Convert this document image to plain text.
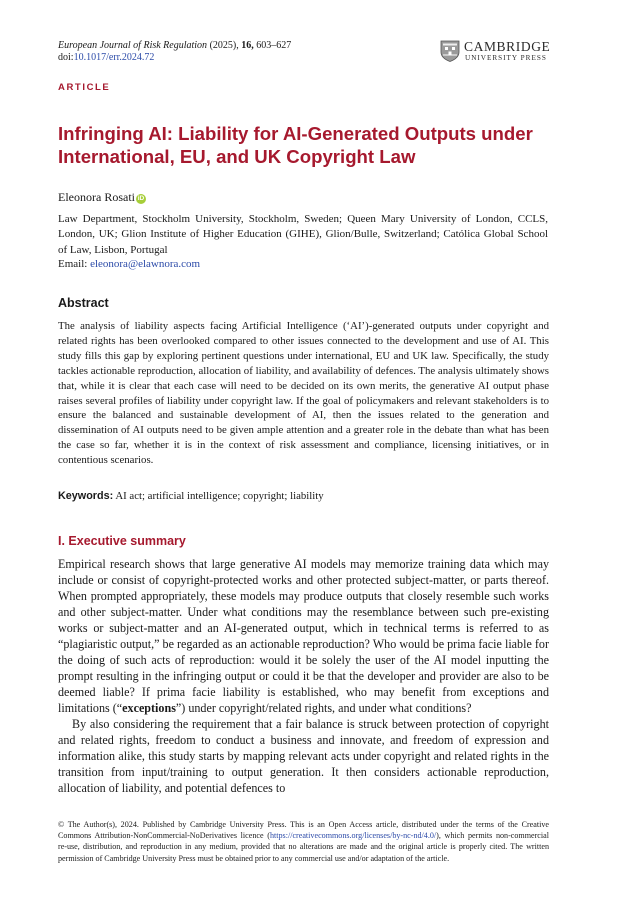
European Journal of Risk Regulation (2025), 16, 603–627
doi:10.1017/err.2024.72
CAMBRIDGE
UNIVERSITY PRESS
ARTICLE
Infringing AI: Liability for AI-Generated Outputs under International, EU, and UK Copyright Law
Eleonora Rosati iD
Law Department, Stockholm University, Stockholm, Sweden; Queen Mary University of London, CCLS, London, UK; Glion Institute of Higher Education (GIHE), Glion/Bulle, Switzerland; Católica Global School of Law, Lisbon, Portugal
Email: eleonora@elawnora.com
Abstract
The analysis of liability aspects facing Artificial Intelligence (‘AI’)-generated outputs under copyright and related rights has been overlooked compared to other issues connected to the development and use of AI. This study fills this gap by exploring pertinent questions under international, EU and UK law. Specifically, the study tackles actionable reproduction, allocation of liability, and availability of defences. The analysis ultimately shows that, while it is clear that each case will need to be decided on its own merits, the generative AI output phase raises several profiles of liability under copyright law. If the goal of policymakers and relevant stakeholders is to ensure the balanced and sustainable development of AI, then the issues related to the generation and dissemination of AI outputs need to be given ample attention and a greater role in the debate than what has been the case so far, whether it is in the context of risk assessment and compliance, licensing initiatives, or in contentious scenarios.
Keywords: AI act; artificial intelligence; copyright; liability
I. Executive summary

Empirical research shows that large generative AI models may memorize training data which may include or consist of copyright-protected works and other protected subject-matter, or parts thereof. When prompted appropriately, these models may produce outputs that closely resemble such works and other subject-matter. Under what conditions may the resemblance between such pre-existing works or subject-matter and an AI-generated output, which in technical terms is referred to as “plagiaristic output,” be regarded as an actionable reproduction? Who would be prima facie liable for the doing of such acts of reproduction: would it be solely the user of the AI model inputting the prompt resulting in the infringing output or could it be that the developer and provider are also to be deemed liable? If prima facie liability is established, who may benefit from exceptions and limitations (“exceptions”) under copyright/related rights, and under what conditions?

By also considering the requirement that a fair balance is struck between protection of copyright and related rights, freedom to conduct a business and innovate, and freedom of expression and information alike, this study starts by mapping relevant acts under copyright and related rights in the transition from input/training to output generation. It then considers actionable reproduction, allocation of liability, and potential defences to

© The Author(s), 2024. Published by Cambridge University Press. This is an Open Access article, distributed under the terms of the Creative Commons Attribution-NonCommercial-NoDerivatives licence (https://creativecommons.org/licenses/by-nc-nd/4.0/), which permits non-commercial re-use, distribution, and reproduction in any medium, provided that no alterations are made and the original article is properly cited. The written permission of Cambridge University Press must be obtained prior to any commercial use and/or adaptation of the article.
